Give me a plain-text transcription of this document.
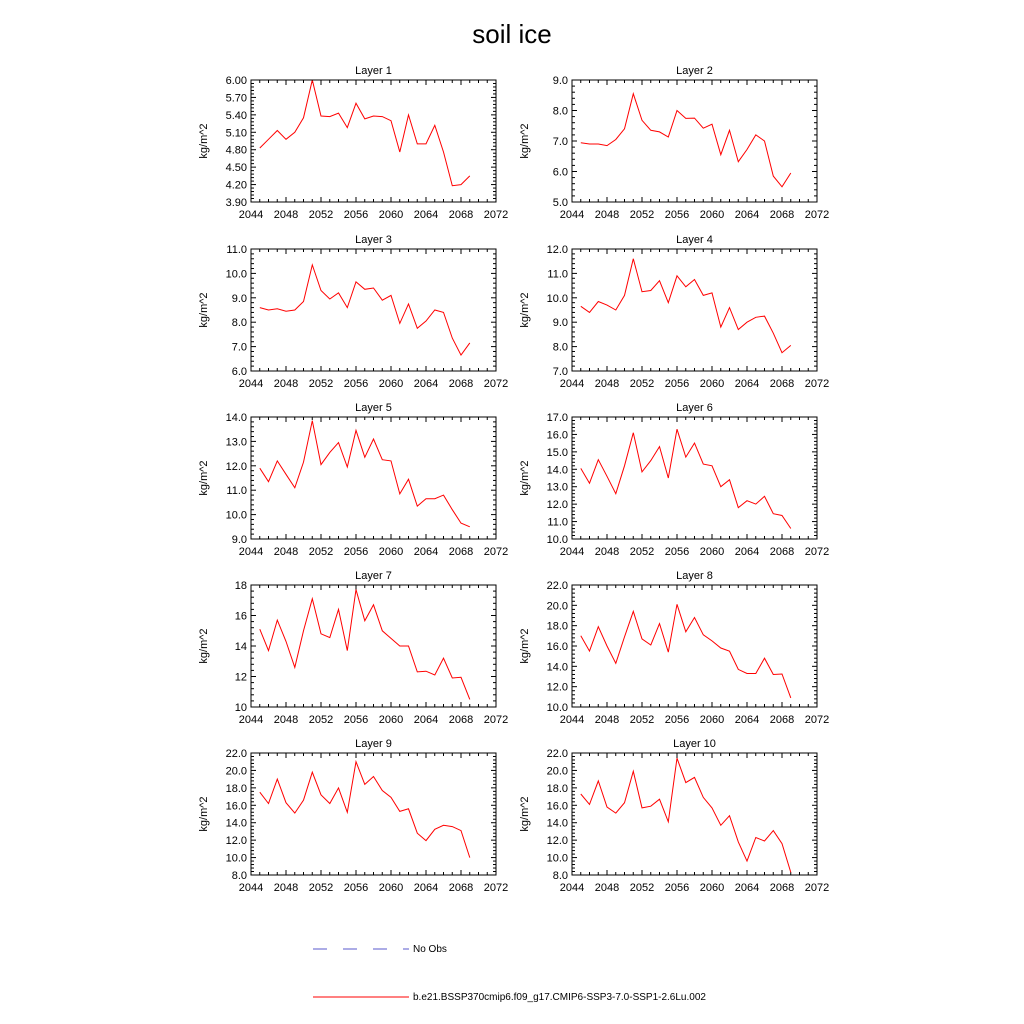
soil ice
Layer 1
kg/m^2
2044 2048 2052 2056 2060 2064 2068 2072
3.90
4.20
4.50
4.80
5.10
5.40
5.70
6.00
Layer 2
kg/m^2
2044 2048 2052 2056 2060 2064 2068 2072
5.0
6.0
7.0
8.0
9.0
Layer 3
kg/m^2
2044 2048 2052 2056 2060 2064 2068 2072
6.0
7.0
8.0
9.0
10.0
11.0
Layer 4
kg/m^2
2044 2048 2052 2056 2060 2064 2068 2072
7.0
8.0
9.0
10.0
11.0
12.0
Layer 5
kg/m^2
2044 2048 2052 2056 2060 2064 2068 2072
9.0
10.0
11.0
12.0
13.0
14.0
Layer 6
kg/m^2
2044 2048 2052 2056 2060 2064 2068 2072
10.0
11.0
12.0
13.0
14.0
15.0
16.0
17.0
Layer 7
kg/m^2
2044 2048 2052 2056 2060 2064 2068 2072
10
12
14
16
18
Layer 8
kg/m^2
2044 2048 2052 2056 2060 2064 2068 2072
10.0
12.0
14.0
16.0
18.0
20.0
22.0
Layer 9
kg/m^2
2044 2048 2052 2056 2060 2064 2068 2072
8.0
10.0
12.0
14.0
16.0
18.0
20.0
22.0
Layer 10
kg/m^2
2044 2048 2052 2056 2060 2064 2068 2072
8.0
10.0
12.0
14.0
16.0
18.0
20.0
22.0
No Obs
b.e21.BSSP370cmip6.f09_g17.CMIP6-SSP3-7.0-SSP1-2.6Lu.002
